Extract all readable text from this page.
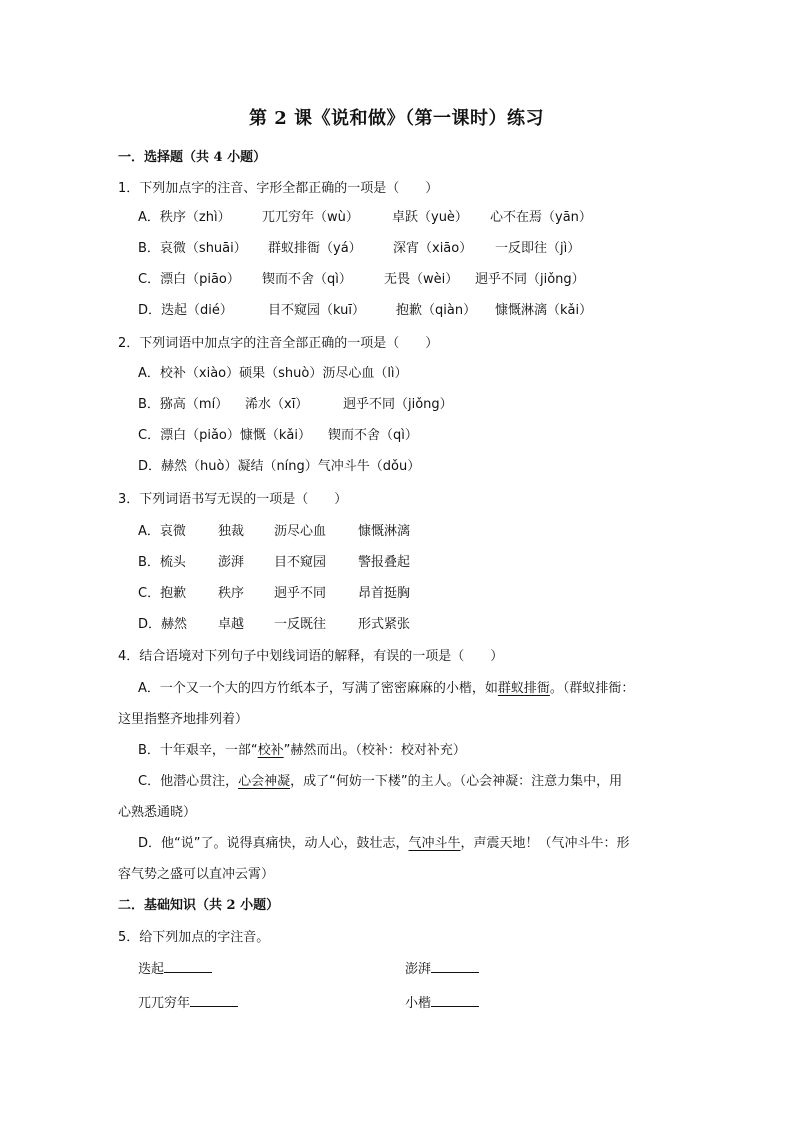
第 2 课《说和做》（第一课时）练习
一．选择题（共 4 小题）
1．下列加点字的注音、字形全都正确的一项是（　　）
A．秩序（zhì） 兀兀穷年（wù）	卓跃（yuè） 心不在焉（yān）
B．哀微（shuāi） 群蚁排衙（yá） 深宵（xiāo） 一反即往（jì）
C．漂白（piāo） 锲而不舍（qì） 无畏（wèi） 迥乎不同（jiǒng）
D．迭起（dié）	目不窥园（kuī） 抱歉（qiàn） 慷慨淋漓（kǎi）
2．下列词语中加点字的注音全部正确的一项是（　　）
A．校补（xiào）硕果（shuò）沥尽心血（lì）
B．猕高（mí） 浠水（xī）	迥乎不同（jiǒng）
C．漂白（piǎo）慷慨（kǎi） 锲而不舍（qì）
D．赫然（huò）凝结（níng）气冲斗牛（dǒu）
3．下列词语书写无误的一项是（　　）
A．哀微 独裁 沥尽心血 慷慨淋漓
B．梳头 澎湃 目不窥园 警报叠起
C．抱歉 秩序 迥乎不同 昂首挺胸
D．赫然 卓越 一反既往 形式紧张
4．结合语境对下列句子中划线词语的解释，有误的一项是（　　）
A．一个又一个大的四方竹纸本子，写满了密密麻麻的小楷，如群蚁排衙。（群蚁排衙：
这里指整齐地排列着）
B．十年艰辛，一部“校补”赫然而出。（校补：校对补充）
C．他潜心贯注，心会神凝，成了“何妨一下楼”的主人。（心会神凝：注意力集中，用
心熟悉通晓）
D．他“说”了。说得真痛快，动人心，鼓壮志，气冲斗牛，声震天地！（气冲斗牛：形
容气势之盛可以直冲云霄）
二．基础知识（共 2 小题）
5．给下列加点的字注音。
迭起	澎湃
兀兀穷年	小楷
